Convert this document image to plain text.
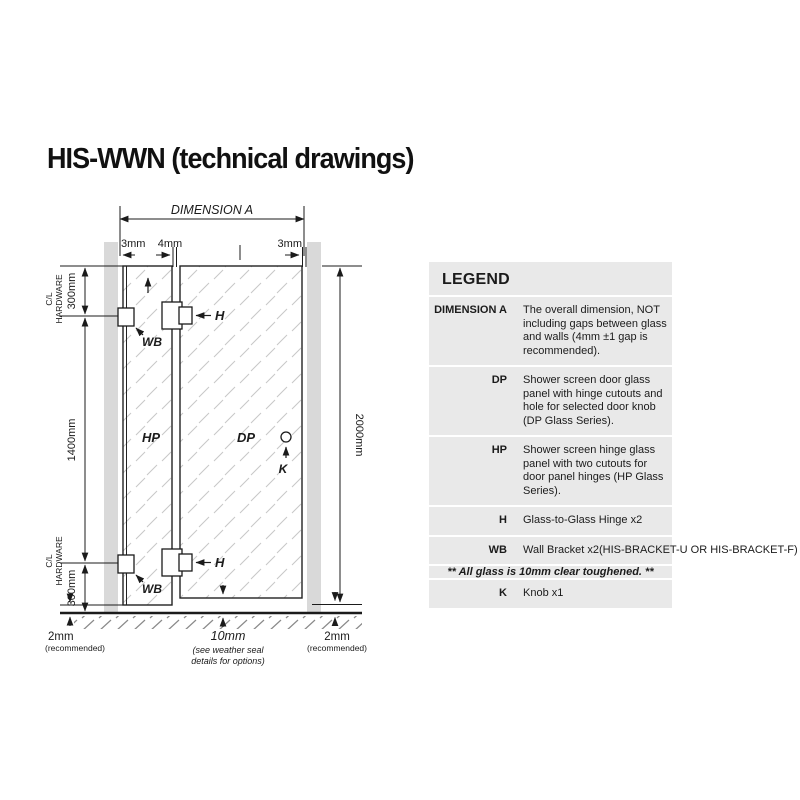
HIS-WWN (technical drawings)
DIMENSION A
3mm 4mm	3mm
300mm
C/L HARDWARE
1400mm
C/L HARDWARE
300mm
2000mm
WB
WB
H
H
HP	DP
K
2mm
(recommended)
10mm
(see weather seal
details for options)
2mm
(recommended)
LEGEND
DIMENSION A	The overall dimension, NOT including gaps between glass and walls (4mm ±1 gap is recommended).
DP	Shower screen door glass panel with hinge cutouts and hole for selected door knob (DP Glass Series).
HP	Shower screen hinge glass panel with two cutouts for door panel hinges (HP Glass Series).
H	Glass-to-Glass Hinge x2
WB	Wall Bracket x2(HIS-BRACKET-U OR HIS-BRACKET-F)
K	Knob x1
** All glass is 10mm clear toughened. **
